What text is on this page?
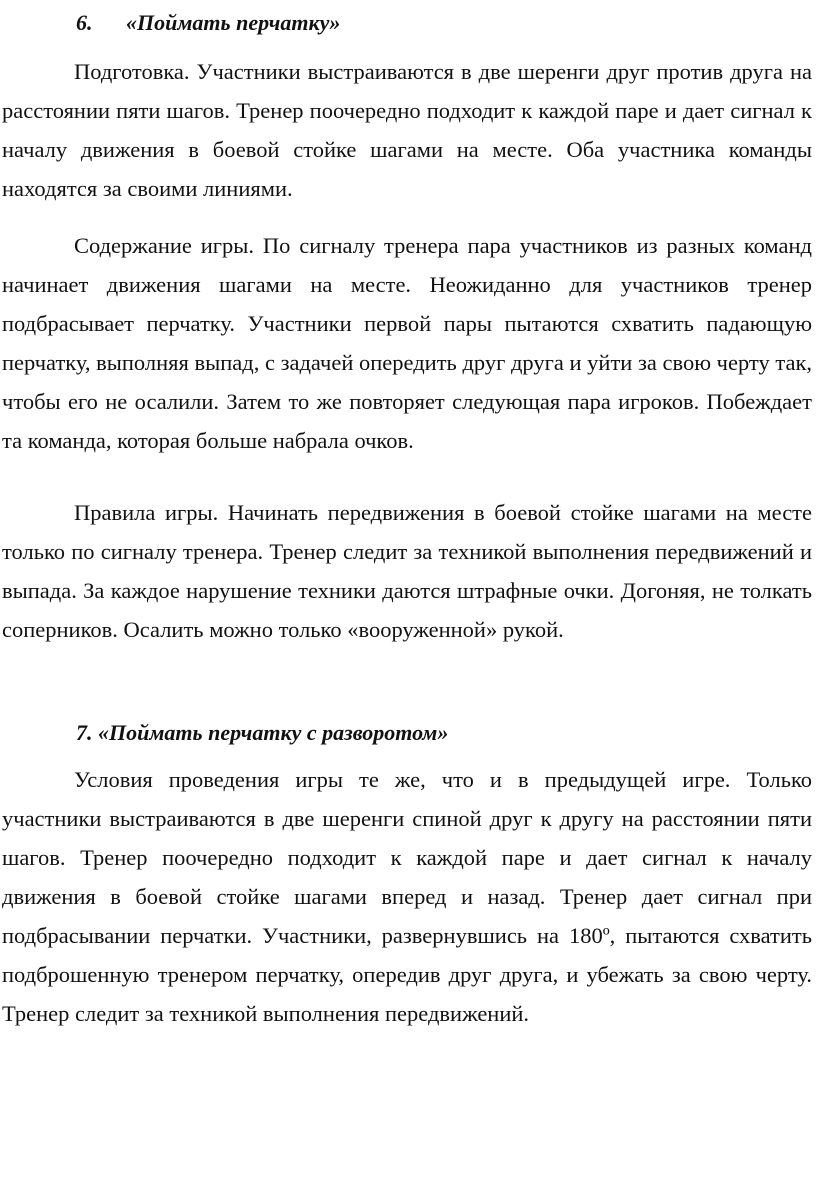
6. «Поймать перчатку»

Подготовка. Участники выстраиваются в две шеренги друг против друга на расстоянии пяти шагов. Тренер поочередно подходит к каждой паре и дает сигнал к началу движения в боевой стойке шагами на месте. Оба участника команды находятся за своими линиями.

Содержание игры. По сигналу тренера пара участников из разных команд начинает движения шагами на месте. Неожиданно для участников тренер подбрасывает перчатку. Участники первой пары пытаются схватить падающую перчатку, выполняя выпад, с задачей опередить друг друга и уйти за свою черту так, чтобы его не осалили. Затем то же повторяет следующая пара игроков. Побеждает та команда, которая больше набрала очков.

Правила игры. Начинать передвижения в боевой стойке шагами на месте только по сигналу тренера. Тренер следит за техникой выполнения передвижений и выпада. За каждое нарушение техники даются штрафные очки. Догоняя, не толкать соперников. Осалить можно только «вооруженной» рукой.

7. «Поймать перчатку с разворотом»

Условия проведения игры те же, что и в предыдущей игре. Только участники выстраиваются в две шеренги спиной друг к другу на расстоянии пяти шагов. Тренер поочередно подходит к каждой паре и дает сигнал к началу движения в боевой стойке шагами вперед и назад. Тренер дает сигнал при подбрасывании перчатки. Участники, развернувшись на 180º, пытаются схватить подброшенную тренером перчатку, опередив друг друга, и убежать за свою черту. Тренер следит за техникой выполнения передвижений.
